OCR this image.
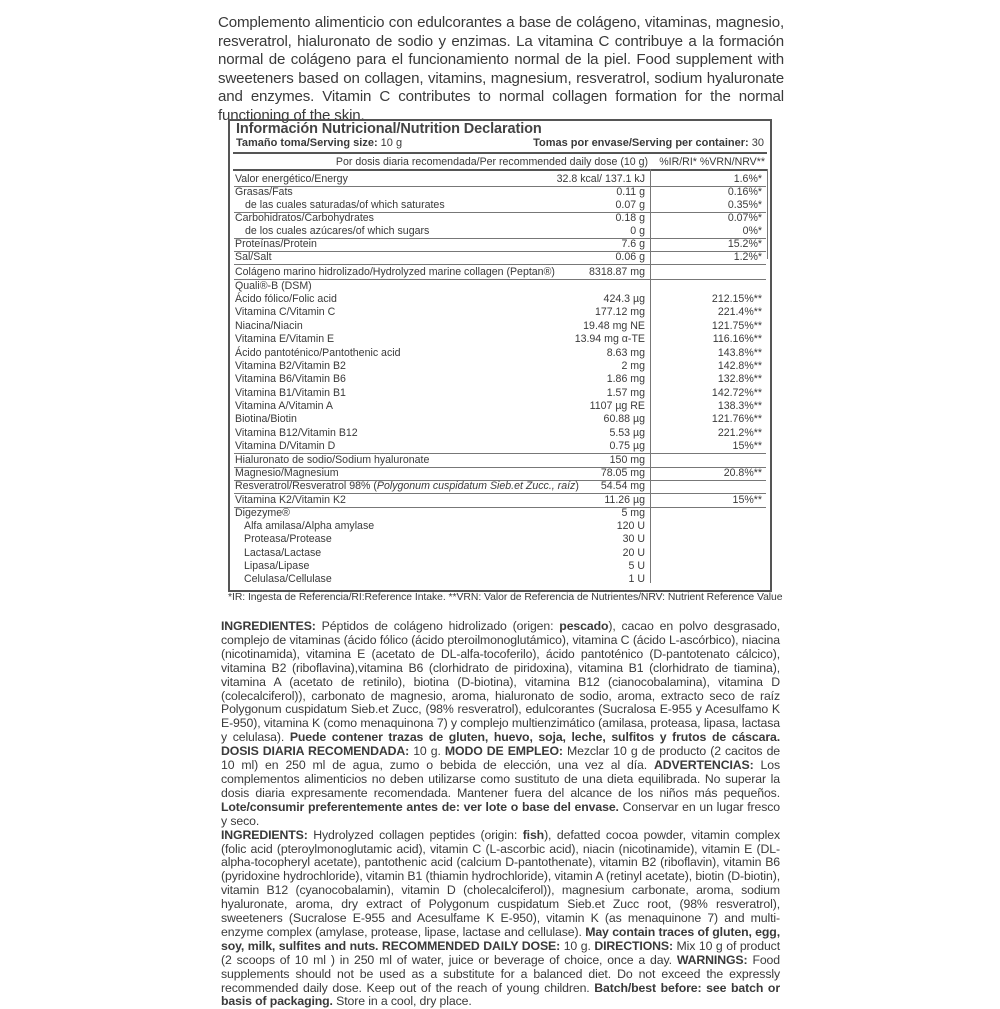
Complemento alimenticio con edulcorantes a base de colágeno, vitaminas, magnesio, resveratrol, hialuronato de sodio y enzimas. La vitamina C contribuye a la formación normal de colágeno para el funcionamiento normal de la piel. Food supplement with sweeteners based on collagen, vitamins, magnesium, resveratrol, sodium hyaluronate and enzymes. Vitamin C contributes to normal collagen formation for the normal functioning of the skin.
Información Nutricional/Nutrition Declaration
Tamaño toma/Serving size: 10 g	Tomas por envase/Serving per container: 30
Por dosis diaria recomendada/Per recommended daily dose (10 g) %IR/RI* %VRN/NRV**
Valor energético/Energy	32.8 kcal/ 137.1 kJ	1.6%*
Grasas/Fats	0.11 g	0.16%*
de las cuales saturadas/of which saturates	0.07 g	0.35%*
Carbohidratos/Carbohydrates	0.18 g	0.07%*
de los cuales azúcares/of which sugars	0 g	0%*
Proteínas/Protein	7.6 g	15.2%*
Sal/Salt	0.06 g	1.2%*
Colágeno marino hidrolizado/Hydrolyzed marine collagen (Peptan®)	8318.87 mg
Quali®-B (DSM)
Ácido fólico/Folic acid	424.3 µg	212.15%**
Vitamina C/Vitamin C	177.12 mg	221.4%**
Niacina/Niacin	19.48 mg NE	121.75%**
Vitamina E/Vitamin E	13.94 mg α-TE	116.16%**
Ácido pantoténico/Pantothenic acid	8.63 mg	143.8%**
Vitamina B2/Vitamin B2	2 mg	142.8%**
Vitamina B6/Vitamin B6	1.86 mg	132.8%**
Vitamina B1/Vitamin B1	1.57 mg	142.72%**
Vitamina A/Vitamin A	1107 µg RE	138.3%**
Biotina/Biotin	60.88 µg	121.76%**
Vitamina B12/Vitamin B12	5.53 µg	221.2%**
Vitamina D/Vitamin D	0.75 µg	15%**
Hialuronato de sodio/Sodium hyaluronate	150 mg
Magnesio/Magnesium	78.05 mg	20.8%**
Resveratrol/Resveratrol 98% (Polygonum cuspidatum Sieb.et Zucc., raíz) 54.54 mg
Vitamina K2/Vitamin K2	11.26 µg	15%**
Digezyme®	5 mg
Alfa amilasa/Alpha amylase	120 U
Proteasa/Protease	30 U
Lactasa/Lactase	20 U
Lipasa/Lipase	5 U
Celulasa/Cellulase	1 U
*IR: Ingesta de Referencia/RI:Reference Intake. **VRN: Valor de Referencia de Nutrientes/NRV: Nutrient Reference Value

INGREDIENTES: Péptidos de colágeno hidrolizado (origen: pescado), cacao en polvo desgrasado, complejo de vitaminas (ácido fólico (ácido pteroilmonoglutámico), vitamina C (ácido L-ascórbico), niacina (nicotinamida), vitamina E (acetato de DL-alfa-tocoferilo), ácido pantoténico (D-pantotenato cálcico), vitamina B2 (riboflavina),vitamina B6 (clorhidrato de piridoxina), vitamina B1 (clorhidrato de tiamina), vitamina A (acetato de retinilo), biotina (D-biotina), vitamina B12 (cianocobalamina), vitamina D (colecalciferol)), carbonato de magnesio, aroma, hialuronato de sodio, aroma, extracto seco de raíz Polygonum cuspidatum Sieb.et Zucc, (98% resveratrol), edulcorantes (Sucralosa E-955 y Acesulfamo K E-950), vitamina K (como menaquinona 7) y complejo multienzimático (amilasa, proteasa, lipasa, lactasa y celulasa). Puede contener trazas de gluten, huevo, soja, leche, sulfitos y frutos de cáscara. DOSIS DIARIA RECOMENDADA: 10 g. MODO DE EMPLEO: Mezclar 10 g de producto (2 cacitos de 10 ml) en 250 ml de agua, zumo o bebida de elección, una vez al día. ADVERTENCIAS: Los complementos alimenticios no deben utilizarse como sustituto de una dieta equilibrada. No superar la dosis diaria expresamente recomendada. Mantener fuera del alcance de los niños más pequeños. Lote/consumir preferentemente antes de: ver lote o base del envase. Conservar en un lugar fresco y seco.

INGREDIENTS: Hydrolyzed collagen peptides (origin: fish), defatted cocoa powder, vitamin complex (folic acid (pteroylmonoglutamic acid), vitamin C (L-ascorbic acid), niacin (nicotinamide), vitamin E (DL-alpha-tocopheryl acetate), pantothenic acid (calcium D-pantothenate), vitamin B2 (riboflavin), vitamin B6 (pyridoxine hydrochloride), vitamin B1 (thiamin hydrochloride), vitamin A (retinyl acetate), biotin (D-biotin), vitamin B12 (cyanocobalamin), vitamin D (cholecalciferol)), magnesium carbonate, aroma, sodium hyaluronate, aroma, dry extract of Polygonum cuspidatum Sieb.et Zucc root, (98% resveratrol), sweeteners (Sucralose E-955 and Acesulfame K E-950), vitamin K (as menaquinone 7) and multi-enzyme complex (amylase, protease, lipase, lactase and cellulase). May contain traces of gluten, egg, soy, milk, sulfites and nuts. RECOMMENDED DAILY DOSE: 10 g. DIRECTIONS: Mix 10 g of product (2 scoops of 10 ml ) in 250 ml of water, juice or beverage of choice, once a day. WARNINGS: Food supplements should not be used as a substitute for a balanced diet. Do not exceed the expressly recommended daily dose. Keep out of the reach of young children. Batch/best before: see batch or basis of packaging. Store in a cool, dry place.
